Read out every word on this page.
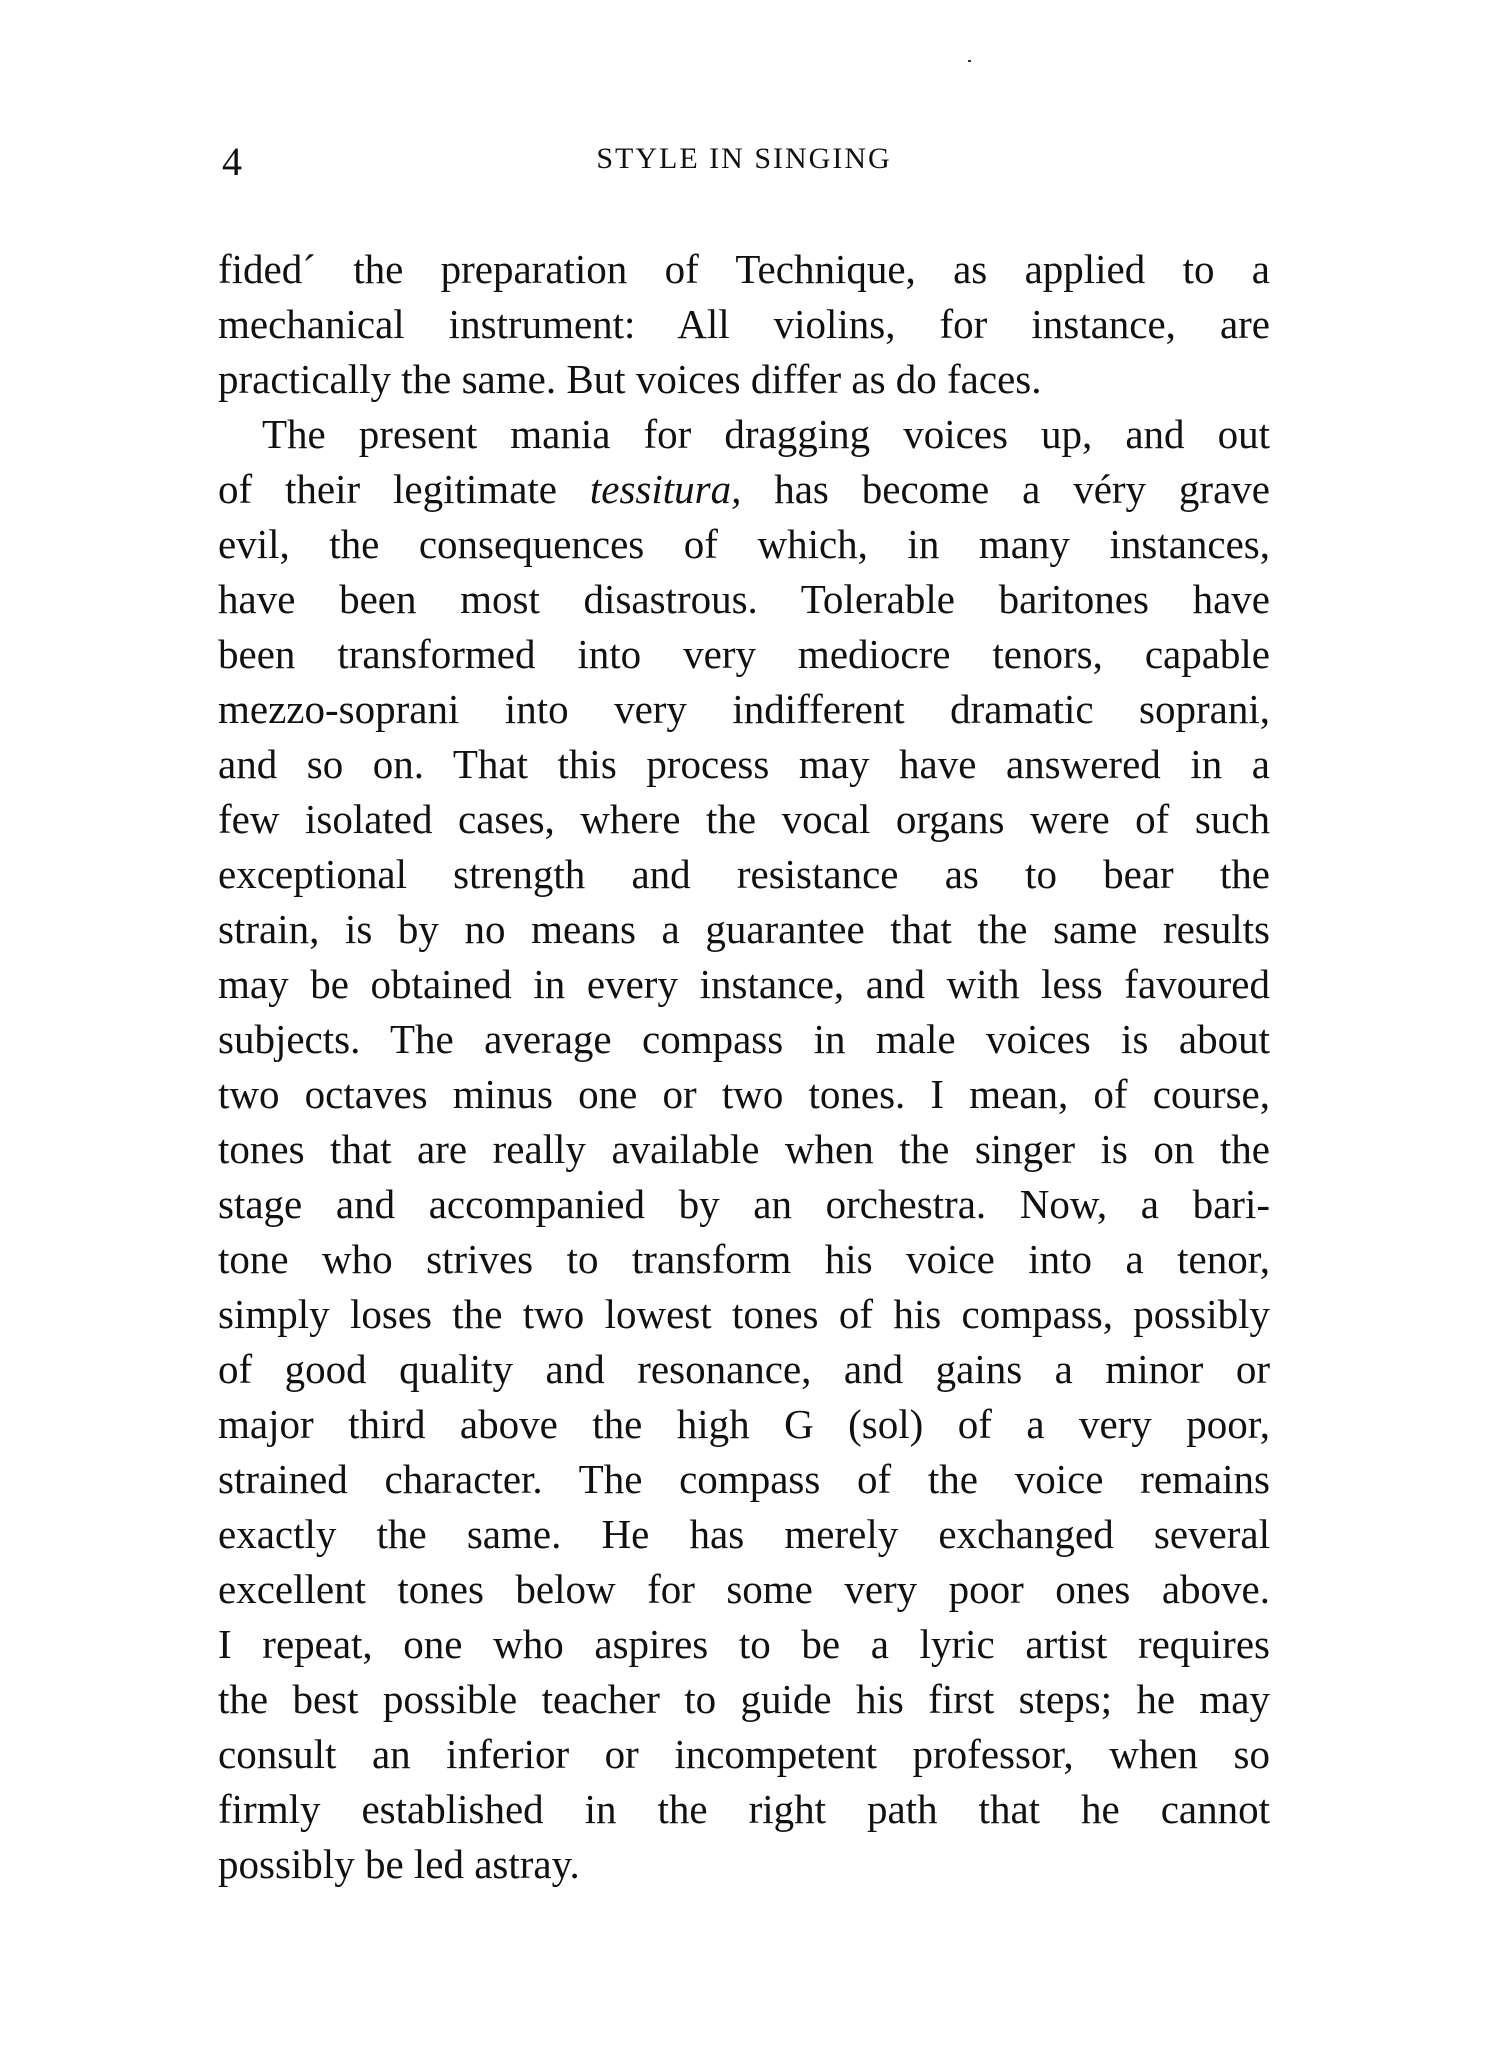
4	STYLE IN SINGING
fided´ the preparation of Technique, as applied to a
mechanical instrument: All violins, for instance, are
practically the same. But voices differ as do faces.
The present mania for dragging voices up, and out
of their legitimate tessitura, has become a véry grave
evil, the consequences of which, in many instances,
have been most disastrous. Tolerable baritones have
been transformed into very mediocre tenors, capable
mezzo-soprani into very indifferent dramatic soprani,
and so on. That this process may have answered in a
few isolated cases, where the vocal organs were of such
exceptional strength and resistance as to bear the
strain, is by no means a guarantee that the same results
may be obtained in every instance, and with less favoured
subjects. The average compass in male voices is about
two octaves minus one or two tones. I mean, of course,
tones that are really available when the singer is on the
stage and accompanied by an orchestra. Now, a bari-
tone who strives to transform his voice into a tenor,
simply loses the two lowest tones of his compass, possibly
of good quality and resonance, and gains a minor or
major third above the high G (sol) of a very poor,
strained character. The compass of the voice remains
exactly the same. He has merely exchanged several
excellent tones below for some very poor ones above.
I repeat, one who aspires to be a lyric artist requires
the best possible teacher to guide his first steps; he may
consult an inferior or incompetent professor, when so
firmly established in the right path that he cannot
possibly be led astray.
